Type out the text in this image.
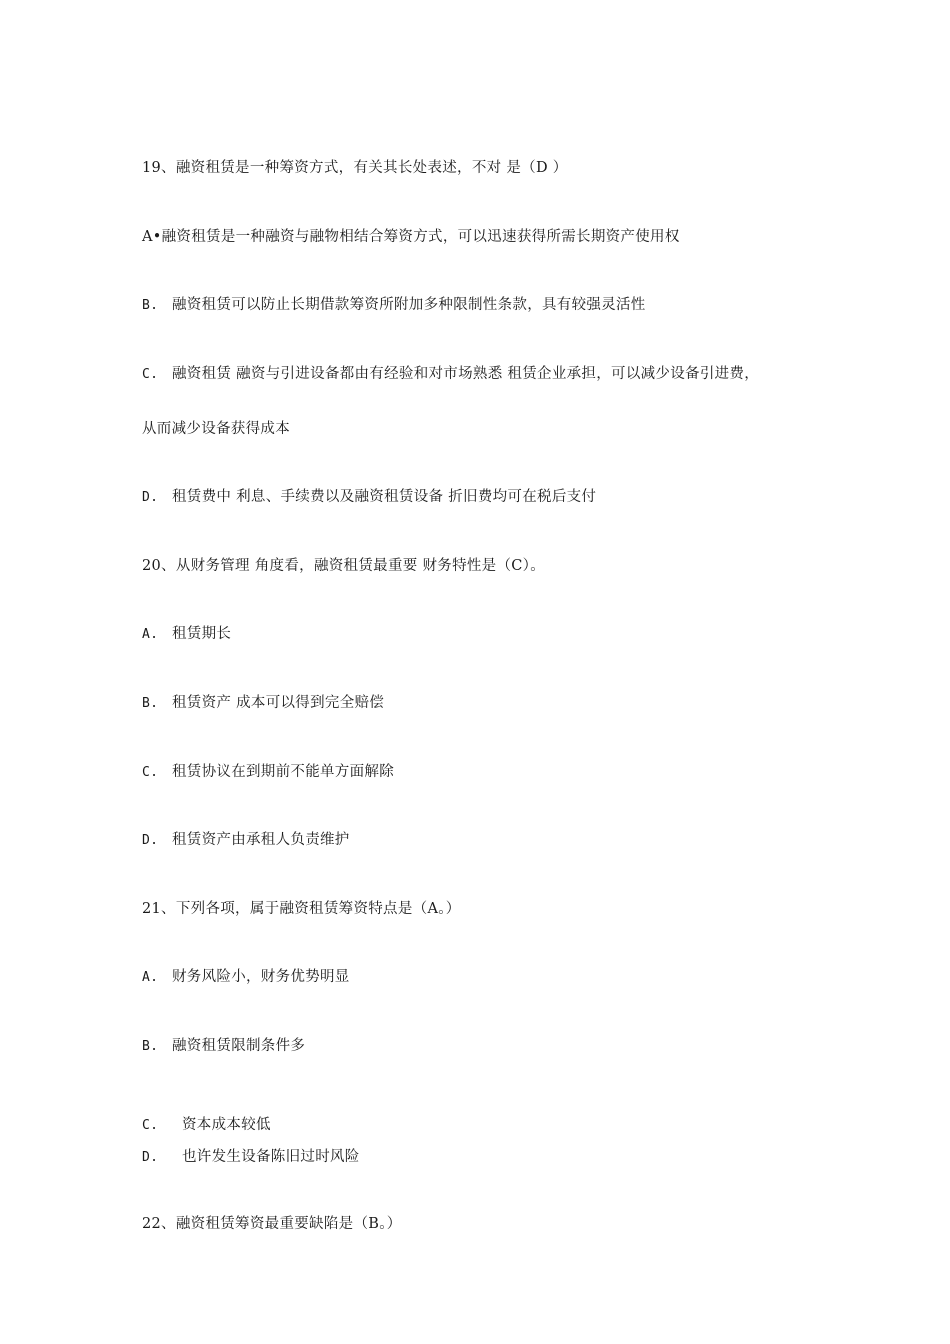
19、融资租赁是一种筹资方式，有关其长处表述，不对 是（D ）
A•融资租赁是一种融资与融物相结合筹资方式，可以迅速获得所需长期资产使用权
B. 融资租赁可以防止长期借款筹资所附加多种限制性条款，具有较强灵活性
C. 融资租赁 融资与引进设备都由有经验和对市场熟悉 租赁企业承担，可以减少设备引进费，
从而减少设备获得成本
D. 租赁费中 利息、手续费以及融资租赁设备 折旧费均可在税后支付
20、从财务管理 角度看，融资租赁最重要 财务特性是（C）。
A. 租赁期长
B. 租赁资产 成本可以得到完全赔偿
C. 租赁协议在到期前不能单方面解除
D. 租赁资产由承租人负责维护
21、下列各项，属于融资租赁筹资特点是（A。）
A. 财务风险小，财务优势明显
B. 融资租赁限制条件多
C. 资本成本较低
D. 也许发生设备陈旧过时风险
22、融资租赁筹资最重要缺陷是（B。）
